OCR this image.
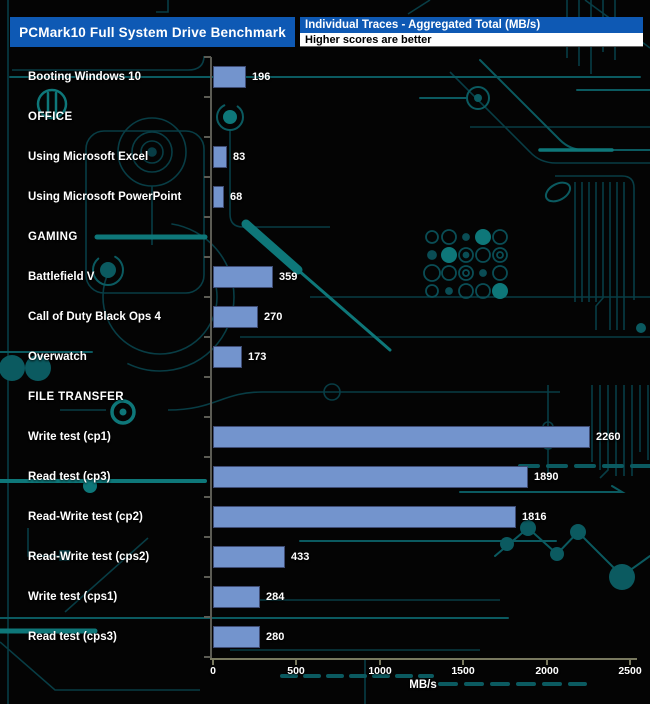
PCMark10 Full System Drive Benchmark	Individual Traces - Aggregated Total (MB/s)
Higher scores are better
MB/s
0	500	1000	1500	2000	2500
Booting Windows 10	196
OFFICE
Using Microsoft Excel	83
Using Microsoft PowerPoint	68
GAMING
Battlefield V	359
Call of Duty Black Ops 4	270
Overwatch	173
FILE TRANSFER
Write test (cp1)	2260
Read test (cp3)	1890
Read-Write test (cp2)	1816
Read-Write test (cps2)	433
Write test (cps1)	284
Read test (cps3)	280
